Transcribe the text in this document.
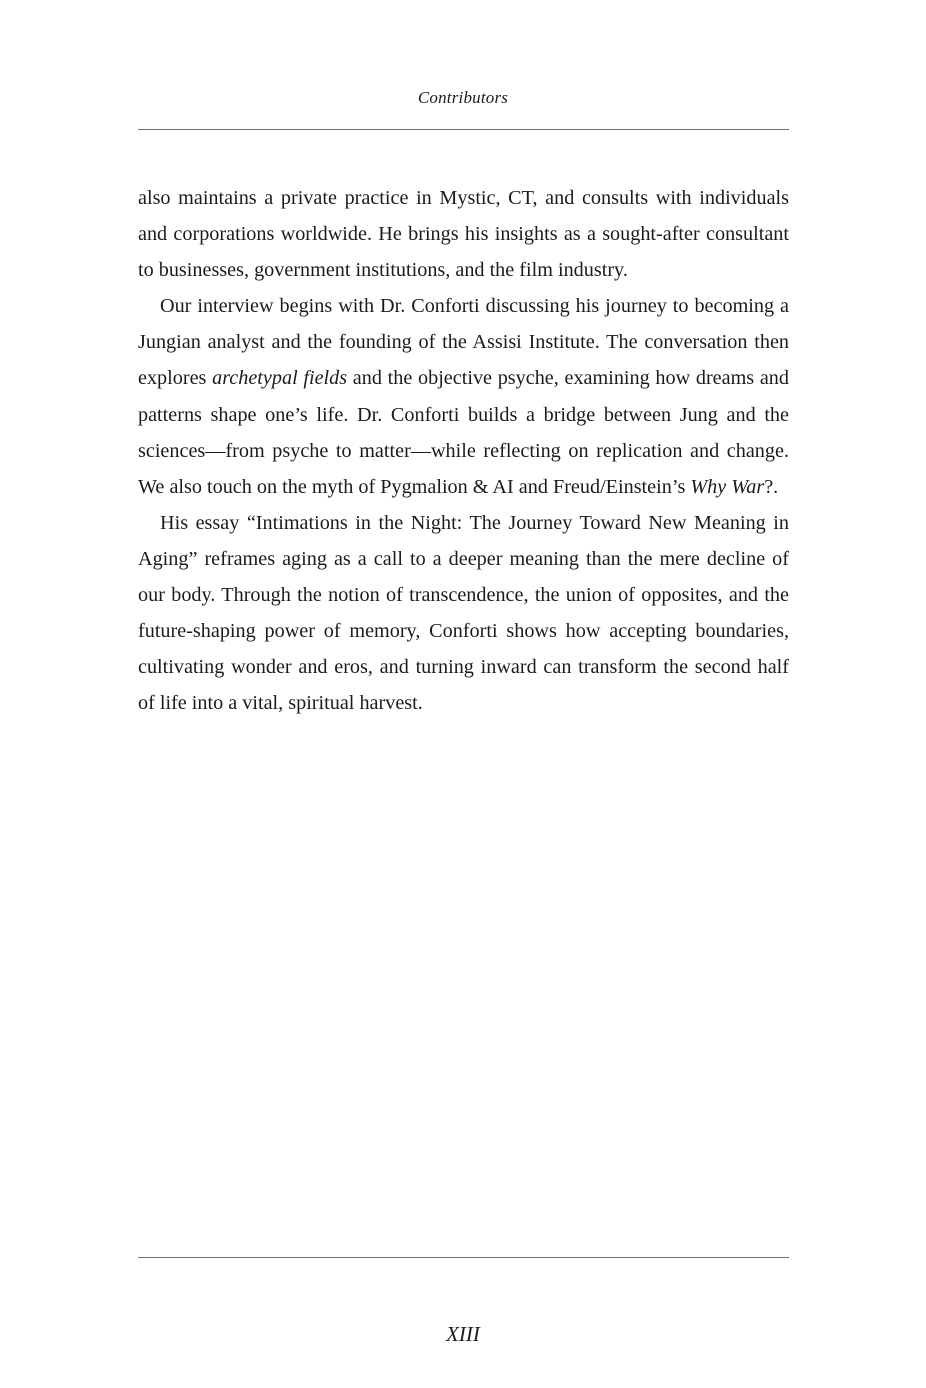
Contributors

also maintains a private practice in Mystic, CT, and consults with individuals and corporations worldwide. He brings his insights as a sought-after consultant to businesses, government institutions, and the film industry.

Our interview begins with Dr. Conforti discussing his journey to becoming a Jungian analyst and the founding of the Assisi Institute. The conversation then explores archetypal fields and the objective psyche, examining how dreams and patterns shape one’s life. Dr. Conforti builds a bridge between Jung and the sciences—from psyche to matter—while reflecting on replication and change. We also touch on the myth of Pygmalion & AI and Freud/Einstein’s Why War?.

His essay “Intimations in the Night: The Journey Toward New Meaning in Aging” reframes aging as a call to a deeper meaning than the mere decline of our body. Through the notion of transcendence, the union of opposites, and the future-shaping power of memory, Conforti shows how accepting boundaries, cultivating wonder and eros, and turning inward can transform the second half of life into a vital, spiritual harvest.

XIII
